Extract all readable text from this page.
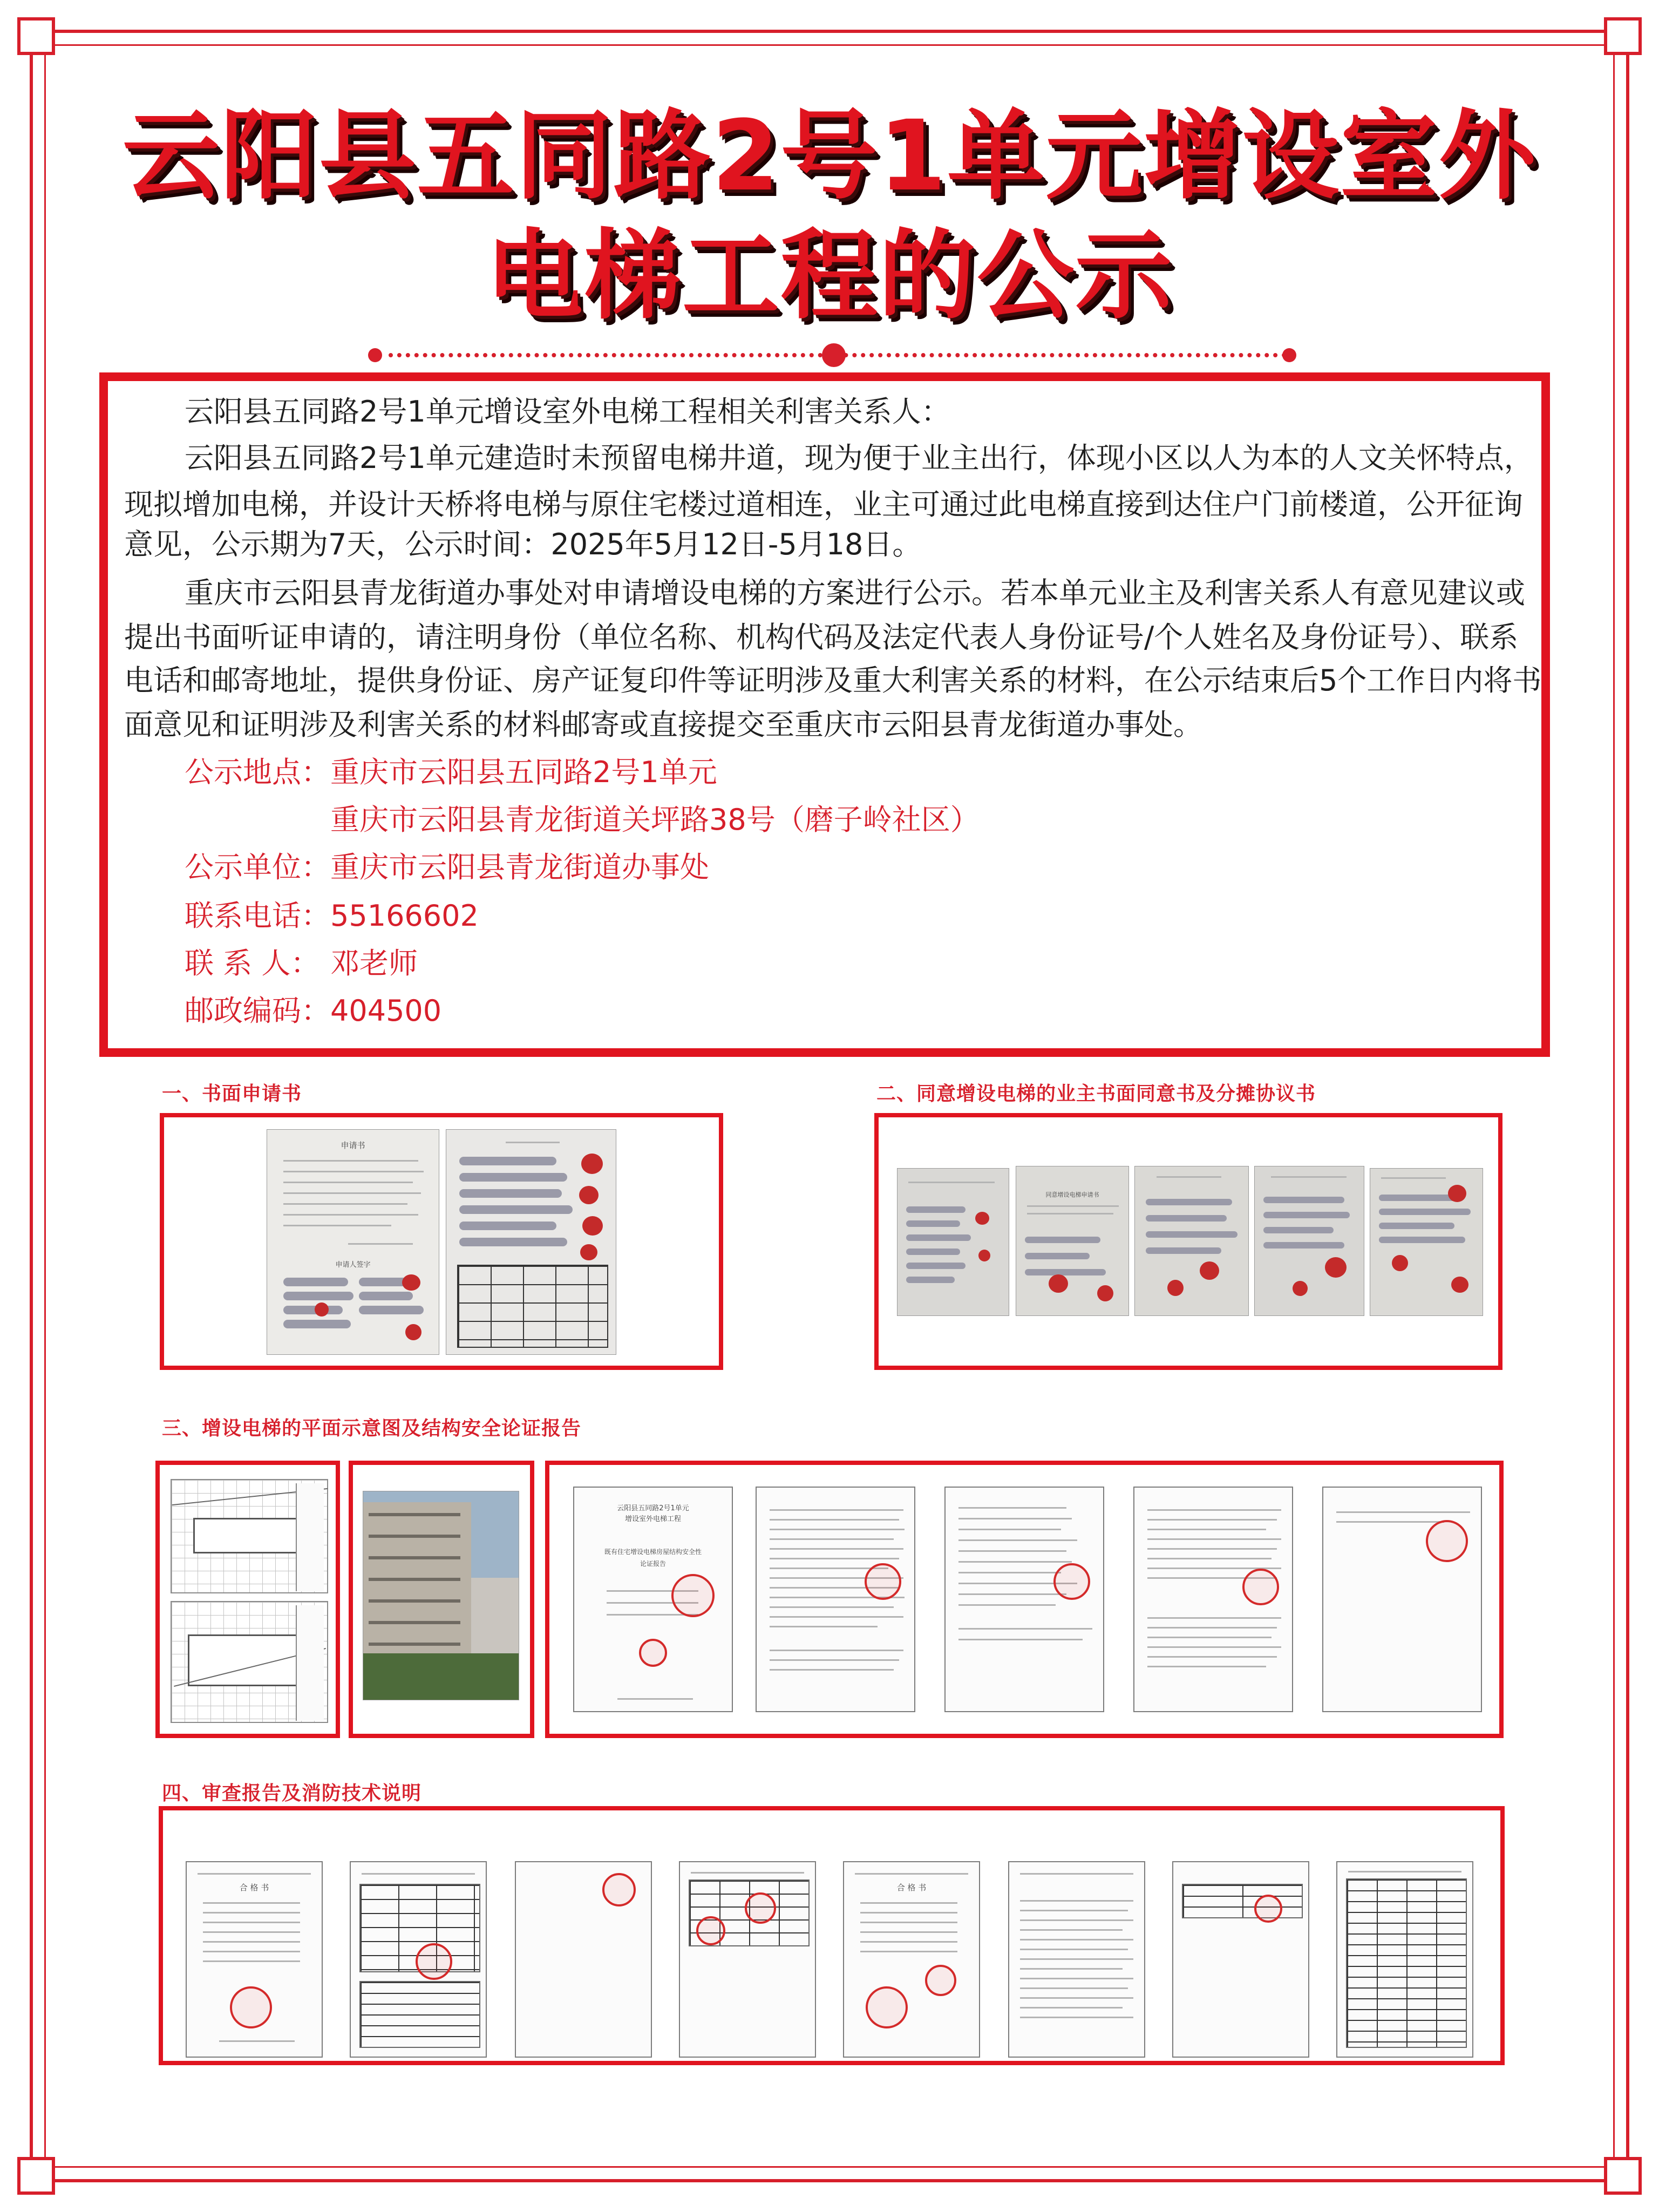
云阳县五同路2号1单元增设室外
电梯工程的公示
云阳县五同路2号1单元增设室外电梯工程相关利害关系人：
云阳县五同路2号1单元建造时未预留电梯井道，现为便于业主出行，体现小区以人为本的人文关怀特点，
现拟增加电梯，并设计天桥将电梯与原住宅楼过道相连，业主可通过此电梯直接到达住户门前楼道，公开征询
意见，公示期为7天，公示时间：2025年5月12日-5月18日。
重庆市云阳县青龙街道办事处对申请增设电梯的方案进行公示。若本单元业主及利害关系人有意见建议或
提出书面听证申请的，请注明身份（单位名称、机构代码及法定代表人身份证号/个人姓名及身份证号）、联系
电话和邮寄地址，提供身份证、房产证复印件等证明涉及重大利害关系的材料，在公示结束后5个工作日内将书
面意见和证明涉及利害关系的材料邮寄或直接提交至重庆市云阳县青龙街道办事处。
公示地点： 重庆市云阳县五同路2号1单元
重庆市云阳县青龙街道关坪路38号（磨子岭社区）
公示单位： 重庆市云阳县青龙街道办事处
联系电话： 55166602
联 系 人： 邓老师
邮政编码： 404500
一、书面申请书
申请书
申请人签字
二、同意增设电梯的业主书面同意书及分摊协议书
同意增设电梯申请书
三、增设电梯的平面示意图及结构安全论证报告
云阳县五同路2号1单元
增设室外电梯工程
既有住宅增设电梯房屋结构安全性
论证报告
四、审查报告及消防技术说明
合 格 书	合 格 书
